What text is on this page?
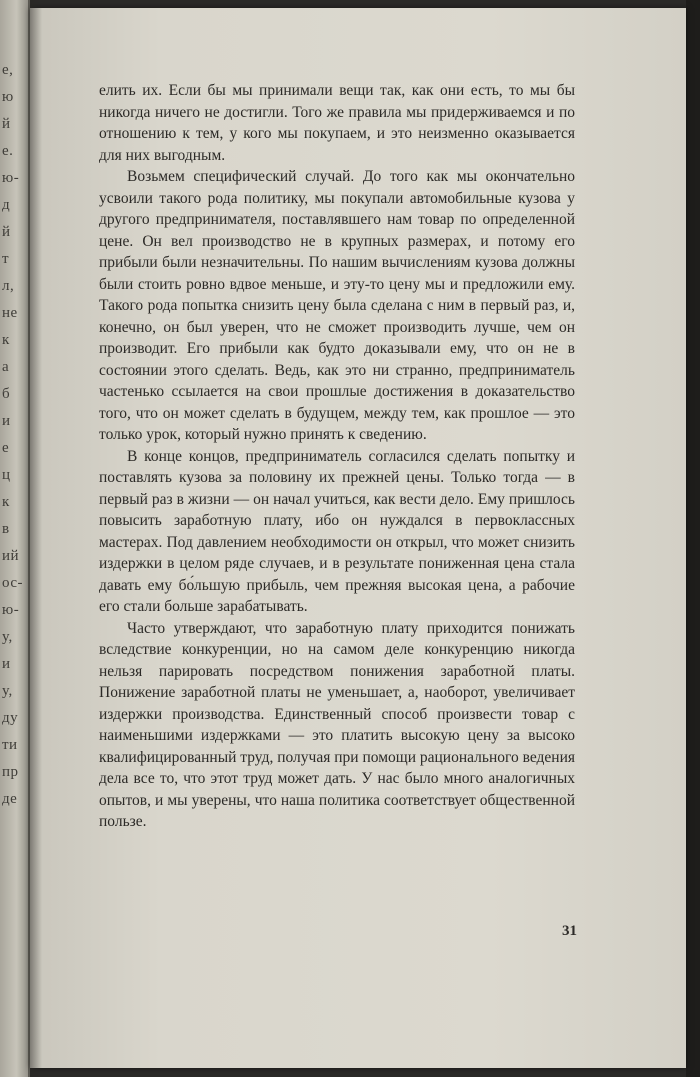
е,
ю
й
е.
ю-
д
й
т
л,
не
к
а
б
и
е
ц
к
в
ий
ос-
ю-
у,
и
у,
ду
ти
пр
де

елить их. Если бы мы принимали вещи так, как они есть, то мы бы никогда ничего не достигли. Того же правила мы придерживаемся и по отношению к тем, у кого мы покупаем, и это неизменно оказывается для них выгодным.

Возьмем специфический случай. До того как мы окончательно усвоили такого рода политику, мы покупали автомобильные кузова у другого предпринимателя, поставлявшего нам товар по определенной цене. Он вел производство не в крупных размерах, и потому его прибыли были незначительны. По нашим вычислениям кузова должны были стоить ровно вдвое меньше, и эту-то цену мы и предложили ему. Такого рода попытка снизить цену была сделана с ним в первый раз, и, конечно, он был уверен, что не сможет производить лучше, чем он производит. Его прибыли как будто доказывали ему, что он не в состоянии этого сделать. Ведь, как это ни странно, предприниматель частенько ссылается на свои прошлые достижения в доказательство того, что он может сделать в будущем, между тем, как прошлое — это только урок, который нужно принять к сведению.

В конце концов, предприниматель согласился сделать попытку и поставлять кузова за половину их прежней цены. Только тогда — в первый раз в жизни — он начал учиться, как вести дело. Ему пришлось повысить заработную плату, ибо он нуждался в первоклассных мастерах. Под давлением необходимости он открыл, что может снизить издержки в целом ряде случаев, и в результате пониженная цена стала давать ему бо́льшую прибыль, чем прежняя высокая цена, а рабочие его стали больше зарабатывать.

Часто утверждают, что заработную плату приходится понижать вследствие конкуренции, но на самом деле конкуренцию никогда нельзя парировать посредством понижения заработной платы. Понижение заработной платы не уменьшает, а, наоборот, увеличивает издержки производства. Единственный способ произвести товар с наименьшими издержками — это платить высокую цену за высоко квалифицированный труд, получая при помощи рационального ведения дела все то, что этот труд может дать. У нас было много аналогичных опытов, и мы уверены, что наша политика соответствует общественной пользе.

31
